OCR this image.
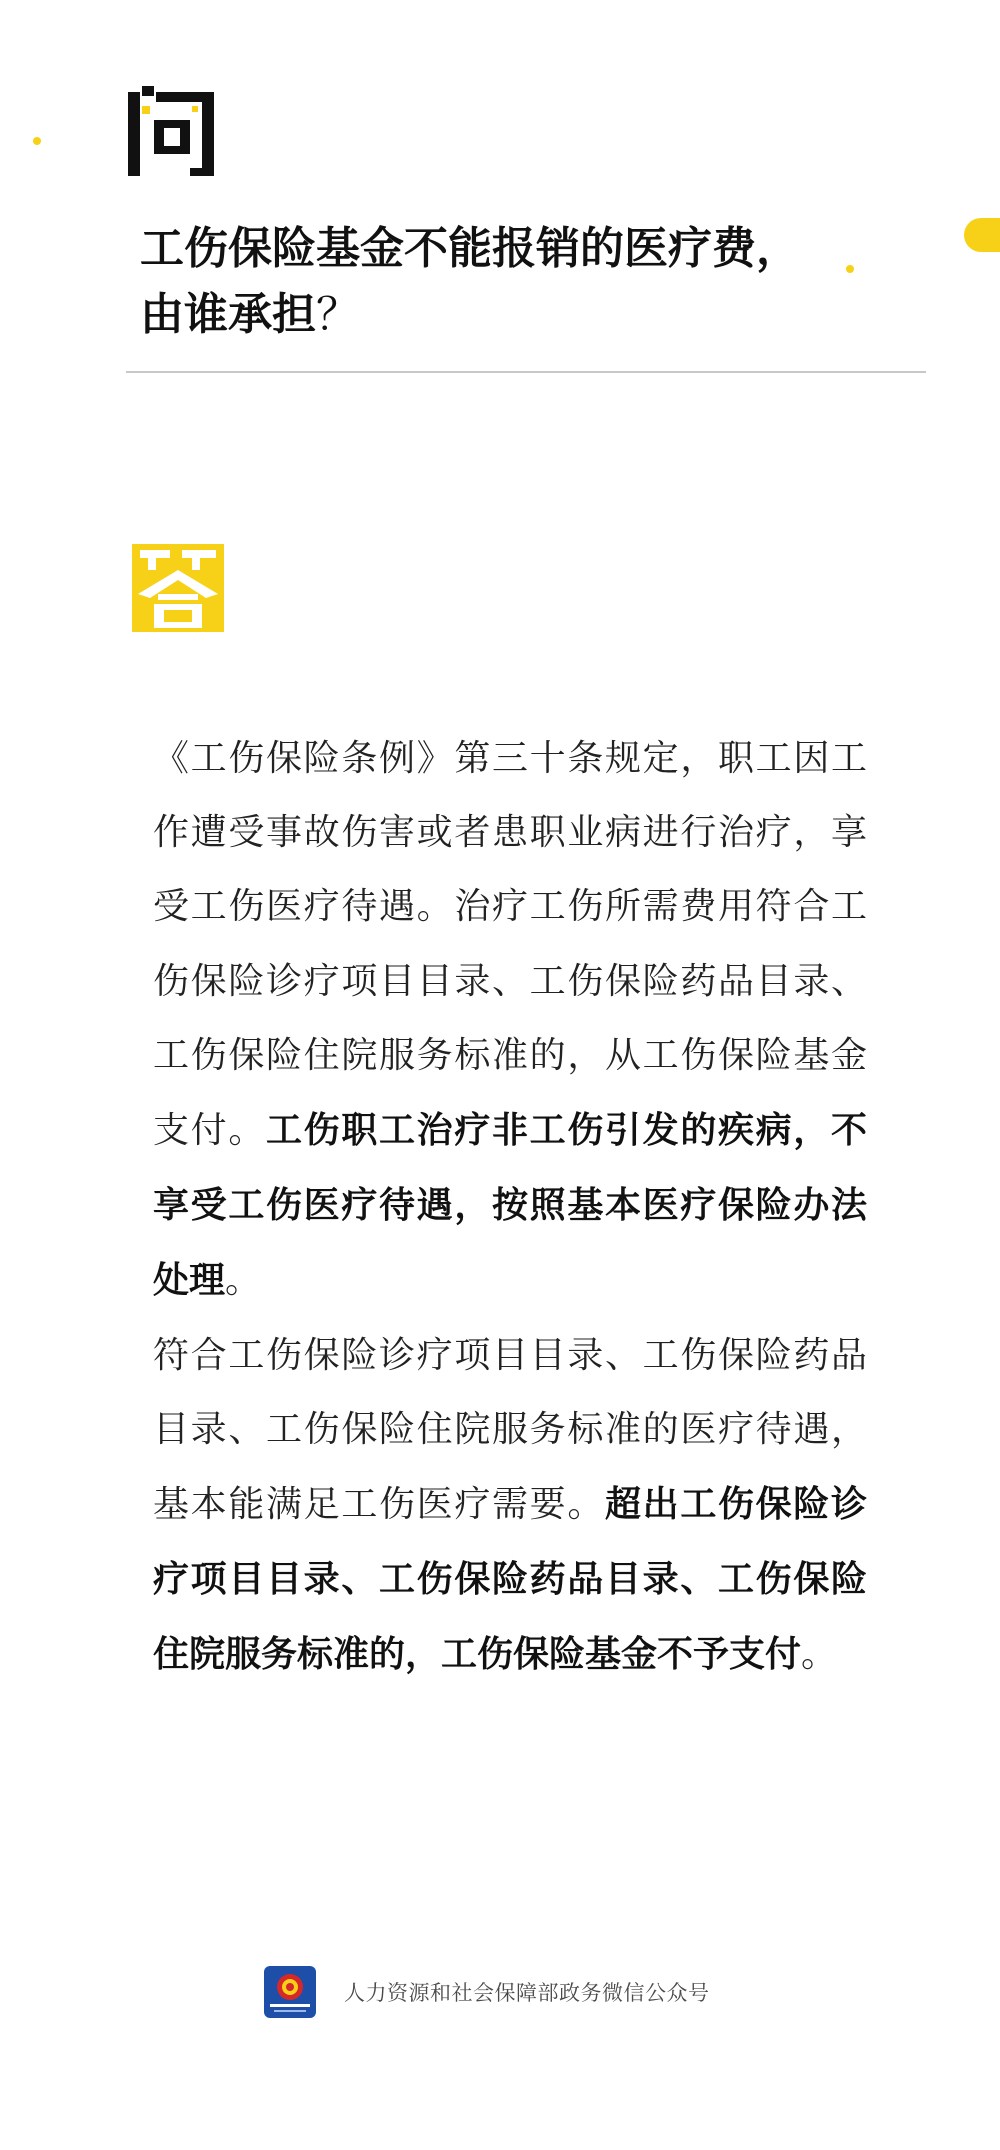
工伤保险基金不能报销的医疗费，
由谁承担？

《工伤保险条例》第三十条规定，职工因工作遭受事故伤害或者患职业病进行治疗，享受工伤医疗待遇。治疗工伤所需费用符合工伤保险诊疗项目目录、工伤保险药品目录、工伤保险住院服务标准的，从工伤保险基金支付。工伤职工治疗非工伤引发的疾病，不享受工伤医疗待遇，按照基本医疗保险办法处理。

符合工伤保险诊疗项目目录、工伤保险药品目录、工伤保险住院服务标准的医疗待遇，基本能满足工伤医疗需要。超出工伤保险诊疗项目目录、工伤保险药品目录、工伤保险住院服务标准的，工伤保险基金不予支付。

人力资源和社会保障部政务微信公众号
